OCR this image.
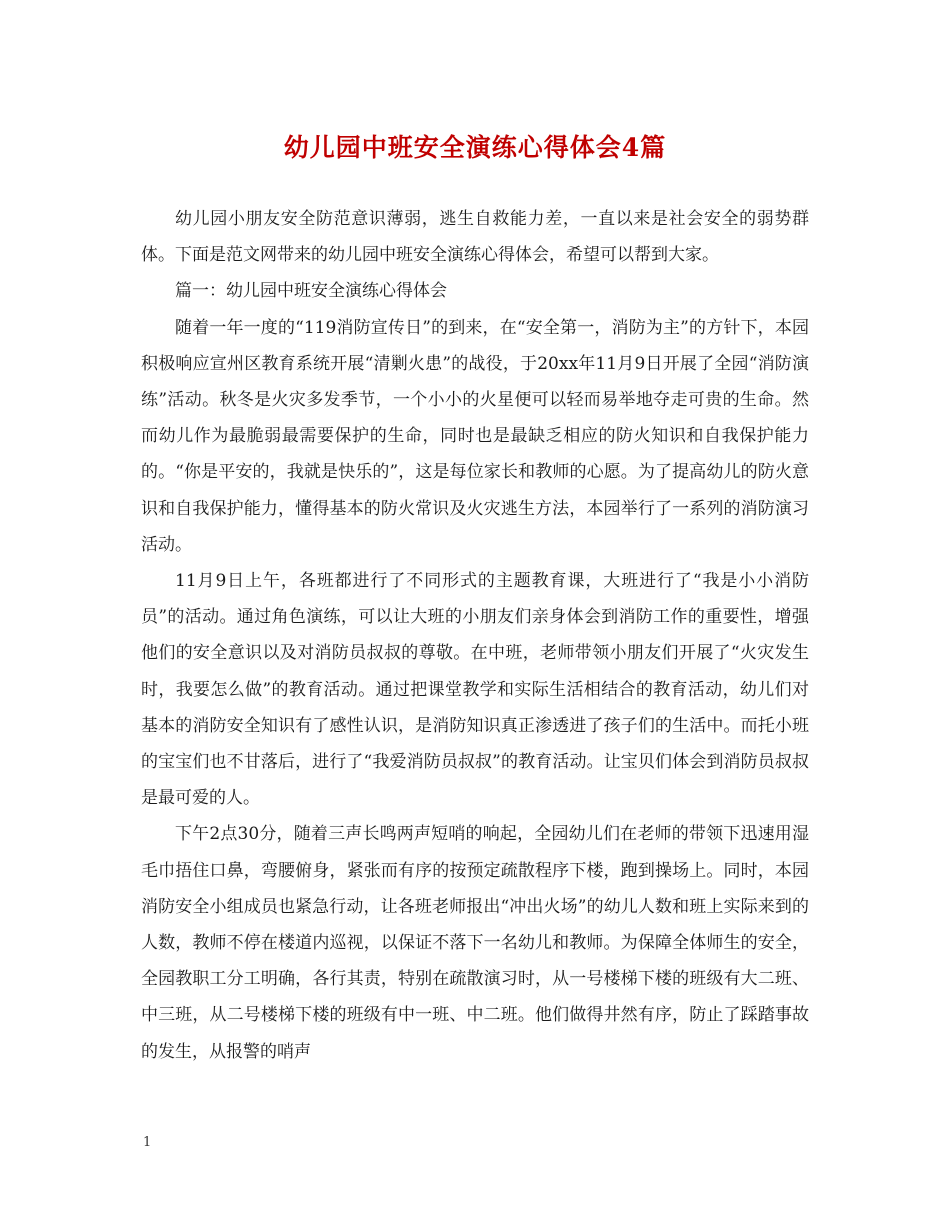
幼儿园中班安全演练心得体会4篇

幼儿园小朋友安全防范意识薄弱，逃生自救能力差，一直以来是社会安全的弱势群体。下面是范文网带来的幼儿园中班安全演练心得体会，希望可以帮到大家。

篇一：幼儿园中班安全演练心得体会

随着一年一度的“119消防宣传日”的到来，在“安全第一，消防为主”的方针下，本园积极响应宣州区教育系统开展“清剿火患”的战役，于20xx年11月9日开展了全园“消防演练”活动。秋冬是火灾多发季节，一个小小的火星便可以轻而易举地夺走可贵的生命。然而幼儿作为最脆弱最需要保护的生命，同时也是最缺乏相应的防火知识和自我保护能力的。“你是平安的，我就是快乐的”，这是每位家长和教师的心愿。为了提高幼儿的防火意识和自我保护能力，懂得基本的防火常识及火灾逃生方法，本园举行了一系列的消防演习活动。

11月9日上午，各班都进行了不同形式的主题教育课，大班进行了“我是小小消防员”的活动。通过角色演练，可以让大班的小朋友们亲身体会到消防工作的重要性，增强他们的安全意识以及对消防员叔叔的尊敬。在中班，老师带领小朋友们开展了“火灾发生时，我要怎么做”的教育活动。通过把课堂教学和实际生活相结合的教育活动，幼儿们对基本的消防安全知识有了感性认识，是消防知识真正渗透进了孩子们的生活中。而托小班的宝宝们也不甘落后，进行了“我爱消防员叔叔”的教育活动。让宝贝们体会到消防员叔叔是最可爱的人。

下午2点30分，随着三声长鸣两声短哨的响起，全园幼儿们在老师的带领下迅速用湿毛巾捂住口鼻，弯腰俯身，紧张而有序的按预定疏散程序下楼，跑到操场上。同时，本园消防安全小组成员也紧急行动，让各班老师报出“冲出火场”的幼儿人数和班上实际来到的人数，教师不停在楼道内巡视，以保证不落下一名幼儿和教师。为保障全体师生的安全，全园教职工分工明确，各行其责，特别在疏散演习时，从一号楼梯下楼的班级有大二班、中三班，从二号楼梯下楼的班级有中一班、中二班。他们做得井然有序，防止了踩踏事故的发生，从报警的哨声

1
